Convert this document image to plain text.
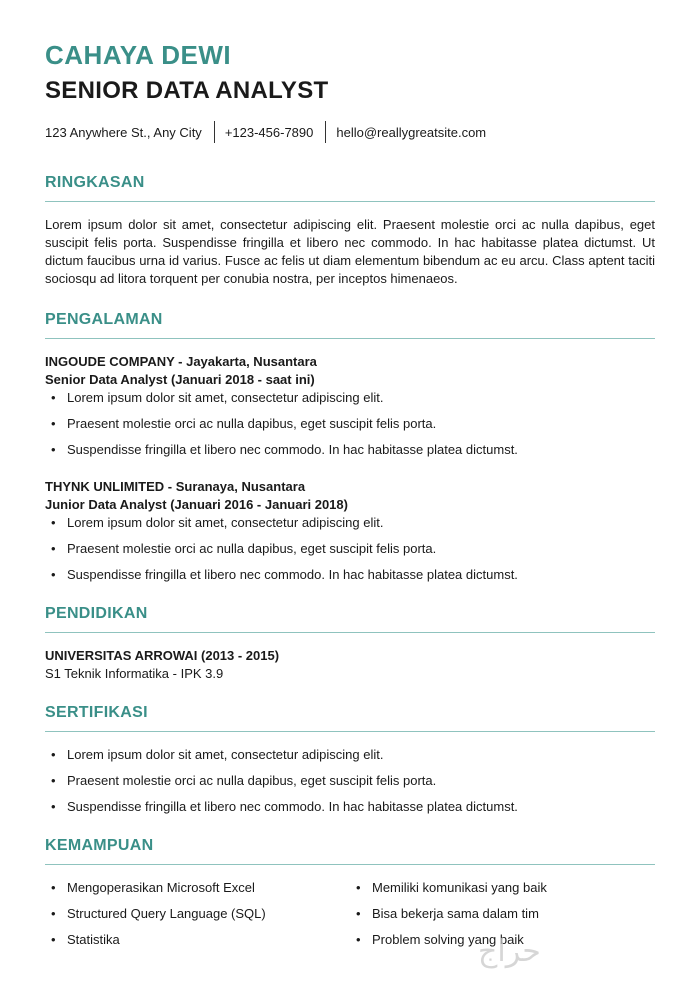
CAHAYA DEWI
SENIOR DATA ANALYST
123 Anywhere St., Any City +123-456-7890 hello@reallygreatsite.com
RINGKASAN
Lorem ipsum dolor sit amet, consectetur adipiscing elit. Praesent molestie orci ac nulla dapibus, eget suscipit felis porta. Suspendisse fringilla et libero nec commodo. In hac habitasse platea dictumst. Ut dictum faucibus urna id varius. Fusce ac felis ut diam elementum bibendum ac eu arcu. Class aptent taciti sociosqu ad litora torquent per conubia nostra, per inceptos himenaeos.
PENGALAMAN
INGOUDE COMPANY - Jayakarta, Nusantara
Senior Data Analyst (Januari 2018 - saat ini)
• Lorem ipsum dolor sit amet, consectetur adipiscing elit.
• Praesent molestie orci ac nulla dapibus, eget suscipit felis porta.
• Suspendisse fringilla et libero nec commodo. In hac habitasse platea dictumst.
THYNK UNLIMITED - Suranaya, Nusantara
Junior Data Analyst (Januari 2016 - Januari 2018)
• Lorem ipsum dolor sit amet, consectetur adipiscing elit.
• Praesent molestie orci ac nulla dapibus, eget suscipit felis porta.
• Suspendisse fringilla et libero nec commodo. In hac habitasse platea dictumst.
PENDIDIKAN
UNIVERSITAS ARROWAI (2013 - 2015)
S1 Teknik Informatika - IPK 3.9
SERTIFIKASI
• Lorem ipsum dolor sit amet, consectetur adipiscing elit.
• Praesent molestie orci ac nulla dapibus, eget suscipit felis porta.
• Suspendisse fringilla et libero nec commodo. In hac habitasse platea dictumst.
KEMAMPUAN
• Mengoperasikan Microsoft Excel
• Structured Query Language (SQL)
• Statistika
• Memiliki komunikasi yang baik
• Bisa bekerja sama dalam tim
• Problem solving yang baik
حراج
